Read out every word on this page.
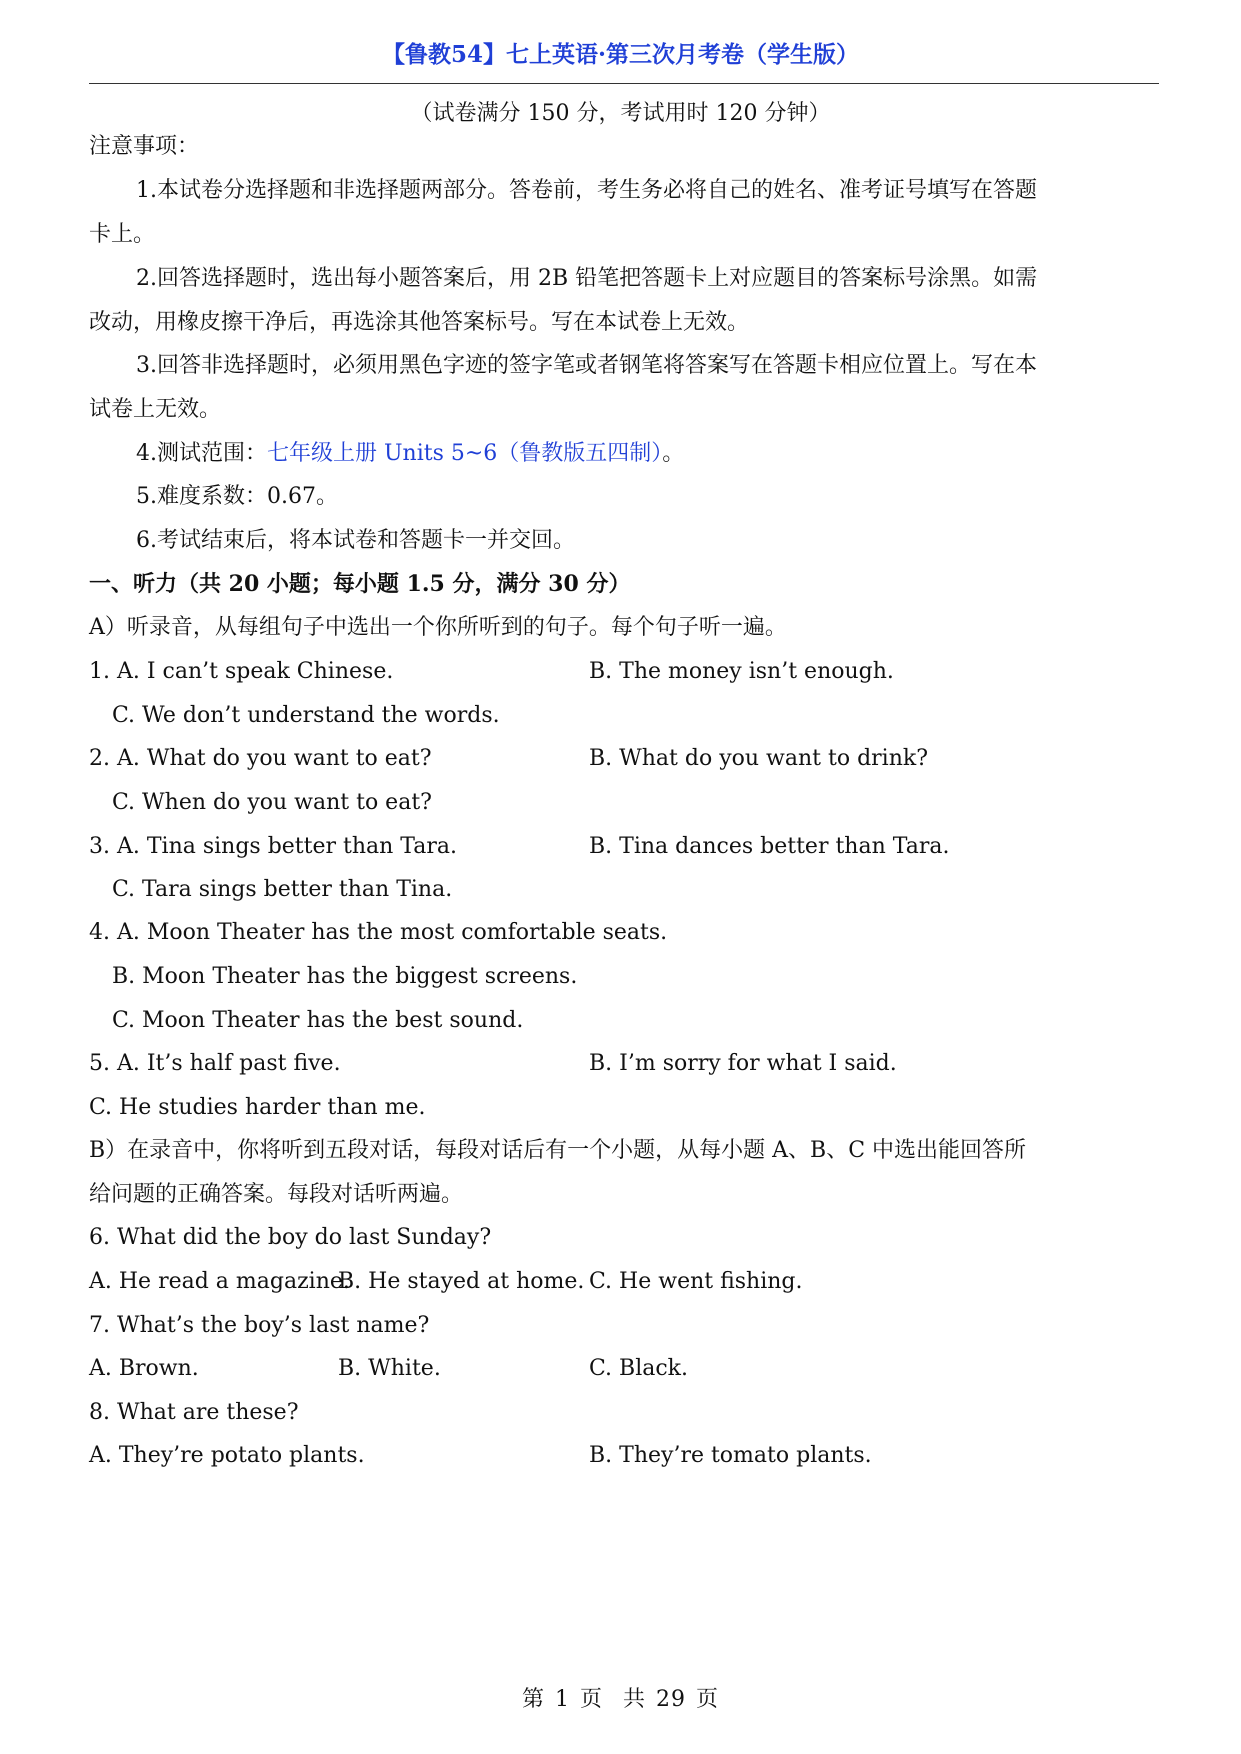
【鲁教54】七上英语·第三次月考卷（学生版）
（试卷满分 150 分，考试用时 120 分钟）
注意事项：
1.本试卷分选择题和非选择题两部分。答卷前，考生务必将自己的姓名、准考证号填写在答题
卡上。
2.回答选择题时，选出每小题答案后，用 2B 铅笔把答题卡上对应题目的答案标号涂黑。如需
改动，用橡皮擦干净后，再选涂其他答案标号。写在本试卷上无效。
3.回答非选择题时，必须用黑色字迹的签字笔或者钢笔将答案写在答题卡相应位置上。写在本
试卷上无效。
4.测试范围：七年级上册 Units 5~6（鲁教版五四制）。
5.难度系数：0.67。
6.考试结束后，将本试卷和答题卡一并交回。
一、听力（共 20 小题；每小题 1.5 分，满分 30 分）
A）听录音，从每组句子中选出一个你所听到的句子。每个句子听一遍。
1. A. I can’t speak Chinese.	B. The money isn’t enough.
C. We don’t understand the words.
2. A. What do you want to eat?	B. What do you want to drink?
C. When do you want to eat?
3. A. Tina sings better than Tara.	B. Tina dances better than Tara.
C. Tara sings better than Tina.
4. A. Moon Theater has the most comfortable seats.
B. Moon Theater has the biggest screens.
C. Moon Theater has the best sound.
5. A. It’s half past five.	B. I’m sorry for what I said.
C. He studies harder than me.
B）在录音中，你将听到五段对话，每段对话后有一个小题，从每小题 A、B、C 中选出能回答所
给问题的正确答案。每段对话听两遍。
6. What did the boy do last Sunday?
A. He read a magazine.
B. He stayed at home. C. He went fishing.
7. What’s the boy’s last name?
A. Brown.	B. White.	C. Black.
8. What are these?
A. They’re potato plants.	B. They’re tomato plants.
第 1 页 共 29 页
